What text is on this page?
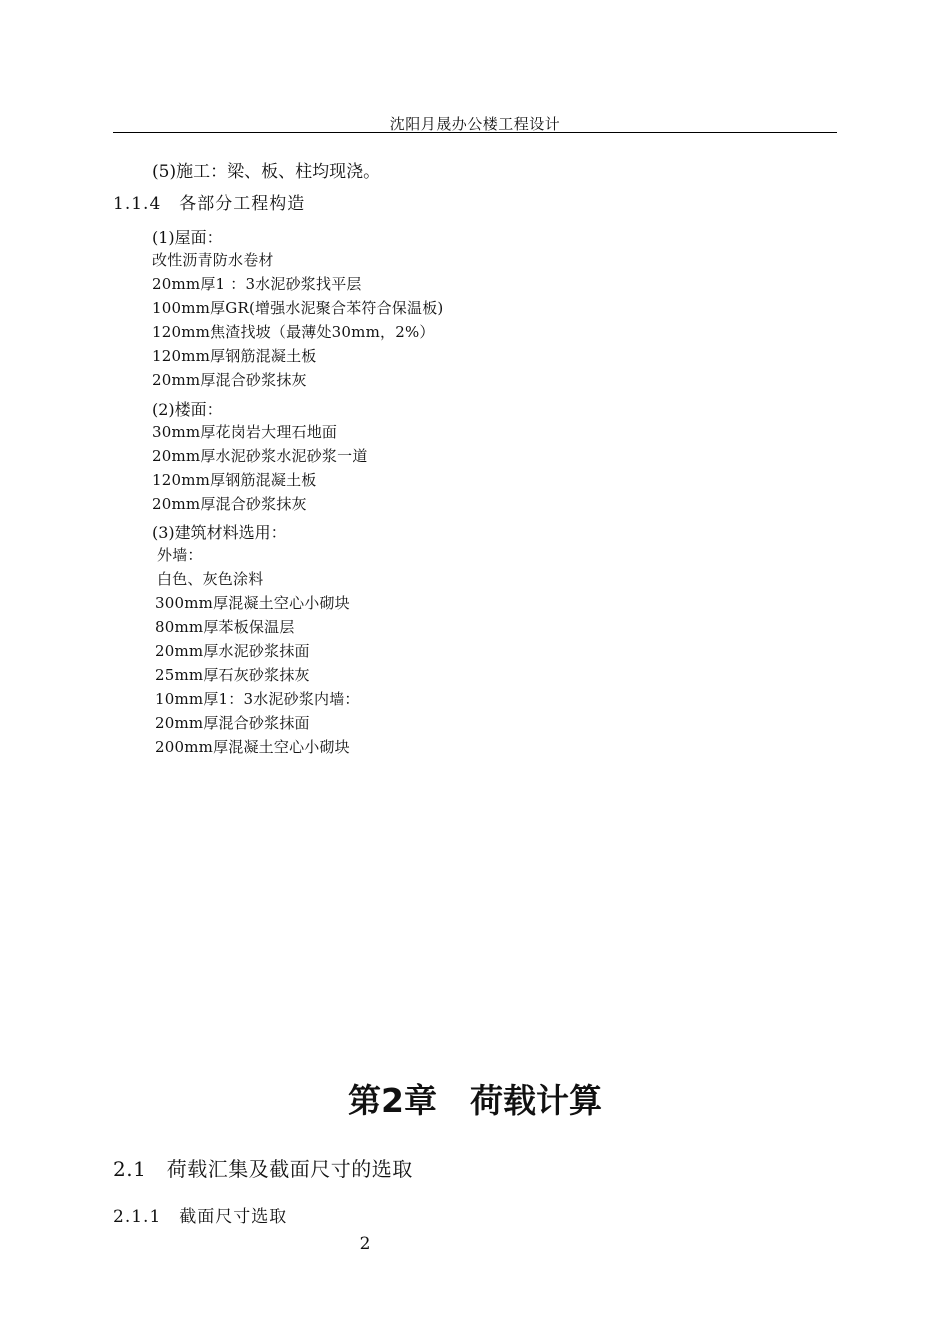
沈阳月晟办公楼工程设计
(5)施工：梁、板、柱均现浇。
1.1.4　各部分工程构造
(1)屋面：
改性沥青防水卷材
20mm厚1 ：3水泥砂浆找平层
100mm厚GR(增强水泥聚合苯符合保温板)
120mm焦渣找坡（最薄处30mm，2%）
120mm厚钢筋混凝土板
20mm厚混合砂浆抹灰
(2)楼面：
30mm厚花岗岩大理石地面
20mm厚水泥砂浆水泥砂浆一道
120mm厚钢筋混凝土板
20mm厚混合砂浆抹灰
(3)建筑材料选用：
外墙：
白色、灰色涂料
300mm厚混凝土空心小砌块
80mm厚苯板保温层
20mm厚水泥砂浆抹面
25mm厚石灰砂浆抹灰
10mm厚1：3水泥砂浆内墙：
20mm厚混合砂浆抹面
200mm厚混凝土空心小砌块
第2章　荷载计算
2.1　荷载汇集及截面尺寸的选取
2.1.1　截面尺寸选取
2
